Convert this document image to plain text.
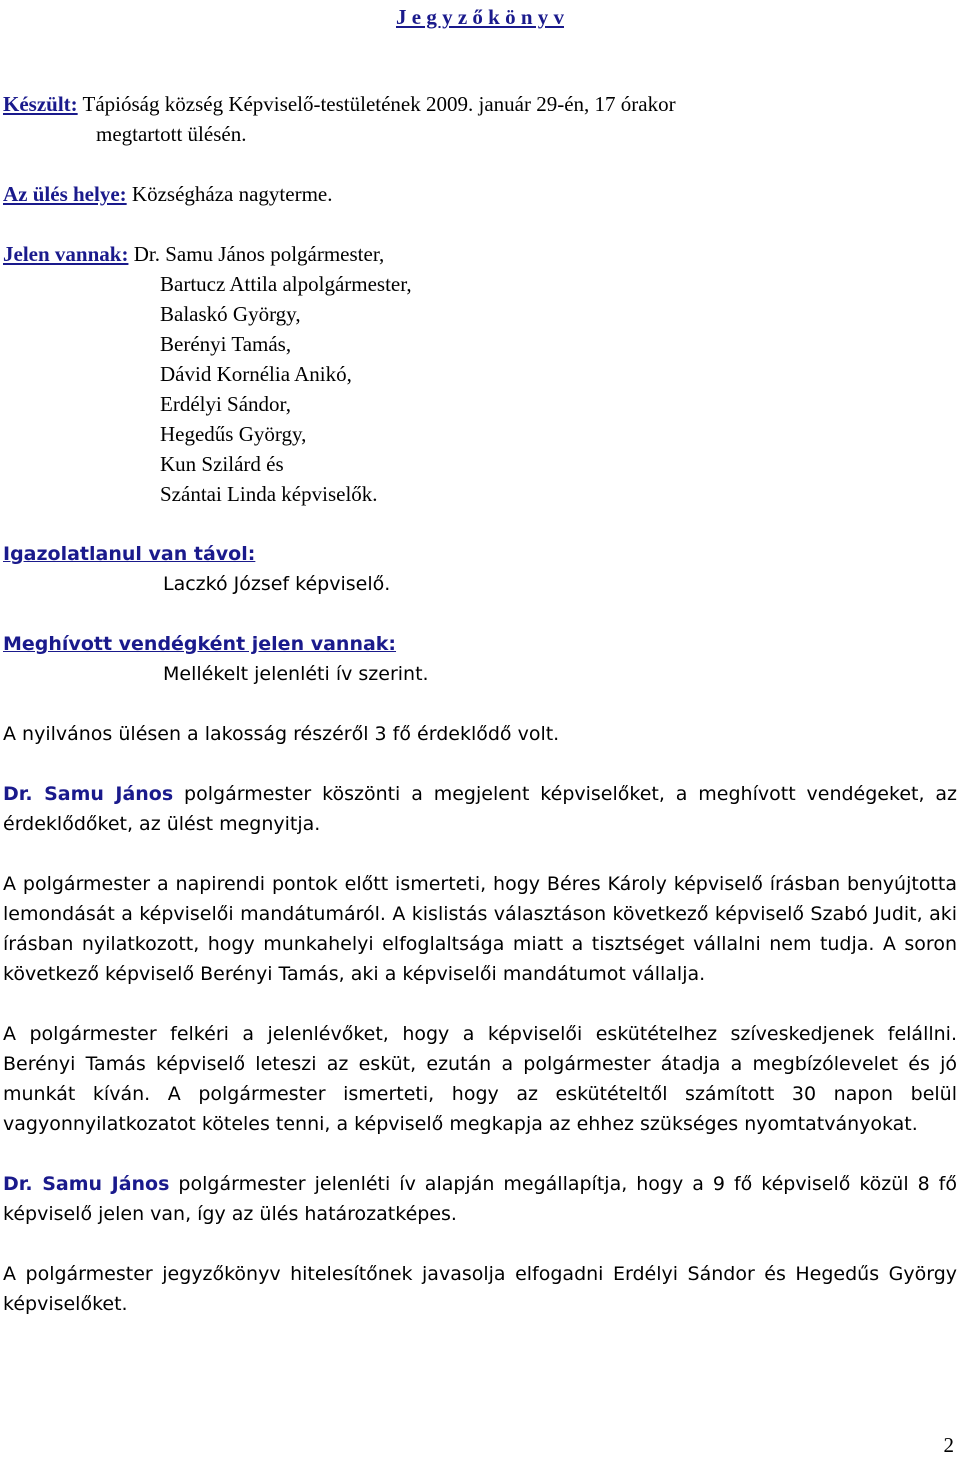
J e g y z ő k ö n y v
Készült: Tápióság község Képviselő-testületének 2009. január 29-én, 17 órakor
megtartott ülésén.
Az ülés helye: Községháza nagyterme.
Jelen vannak: Dr. Samu János polgármester,
Bartucz Attila alpolgármester,
Balaskó György,
Berényi Tamás,
Dávid Kornélia Anikó,
Erdélyi Sándor,
Hegedűs György,
Kun Szilárd és
Szántai Linda képviselők.
Igazolatlanul van távol:
Laczkó József képviselő.
Meghívott vendégként jelen vannak:
Mellékelt jelenléti ív szerint.
A nyilvános ülésen a lakosság részéről 3 fő érdeklődő volt.
Dr. Samu János polgármester köszönti a megjelent képviselőket, a meghívott vendégeket, az érdeklődőket, az ülést megnyitja.
A polgármester a napirendi pontok előtt ismerteti, hogy Béres Károly képviselő írásban benyújtotta lemondását a képviselői mandátumáról. A kislistás választáson következő képviselő Szabó Judit, aki írásban nyilatkozott, hogy munkahelyi elfoglaltsága miatt a tisztséget vállalni nem tudja. A soron következő képviselő Berényi Tamás, aki a képviselői mandátumot vállalja.
A polgármester felkéri a jelenlévőket, hogy a képviselői eskütételhez szíveskedjenek felállni. Berényi Tamás képviselő leteszi az esküt, ezután a polgármester átadja a megbízólevelet és jó munkát kíván. A polgármester ismerteti, hogy az eskütételtől számított 30 napon belül vagyonnyilatkozatot köteles tenni, a képviselő megkapja az ehhez szükséges nyomtatványokat.
Dr. Samu János polgármester jelenléti ív alapján megállapítja, hogy a 9 fő képviselő közül 8 fő képviselő jelen van, így az ülés határozatképes.
A polgármester jegyzőkönyv hitelesítőnek javasolja elfogadni Erdélyi Sándor és Hegedűs György képviselőket.
2
